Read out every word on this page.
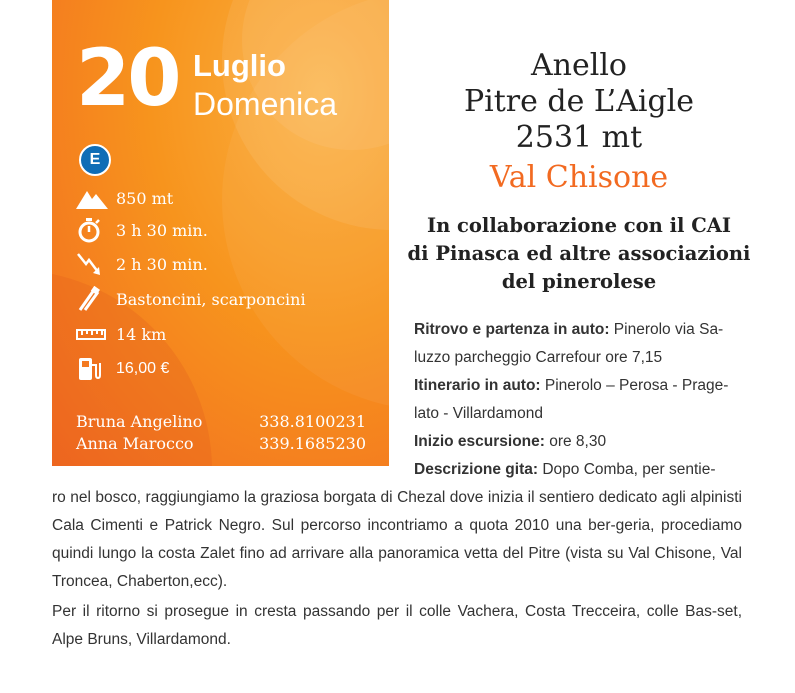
20 Luglio
Domenica
E
850 mt
3 h 30 min.
2 h 30 min.
Bastoncini, scarponcini
14 km
16,00 €
Bruna Angelino	338.8100231
Anna Marocco	339.1685230
Anello
Pitre de L’Aigle
2531 mt
Val Chisone
In collaborazione con il CAI
di Pinasca ed altre associazioni
del pinerolese
Ritrovo e partenza in auto: Pinerolo via Sa-
luzzo parcheggio Carrefour ore 7,15
Itinerario in auto: Pinerolo – Perosa - Prage-
lato - Villardamond
Inizio escursione: ore 8,30
Descrizione gita: Dopo Comba, per sentie-
ro nel bosco, raggiungiamo la graziosa borgata di Chezal dove inizia il sentiero dedicato agli alpinisti Cala Cimenti e Patrick Negro. Sul percorso incontriamo a quota 2010 una ber-geria, procediamo quindi lungo la costa Zalet fino ad arrivare alla panoramica vetta del Pitre (vista su Val Chisone, Val Troncea, Chaberton,ecc).
Per il ritorno si prosegue in cresta passando per il colle Vachera, Costa Trecceira, colle Bas-set, Alpe Bruns, Villardamond.
